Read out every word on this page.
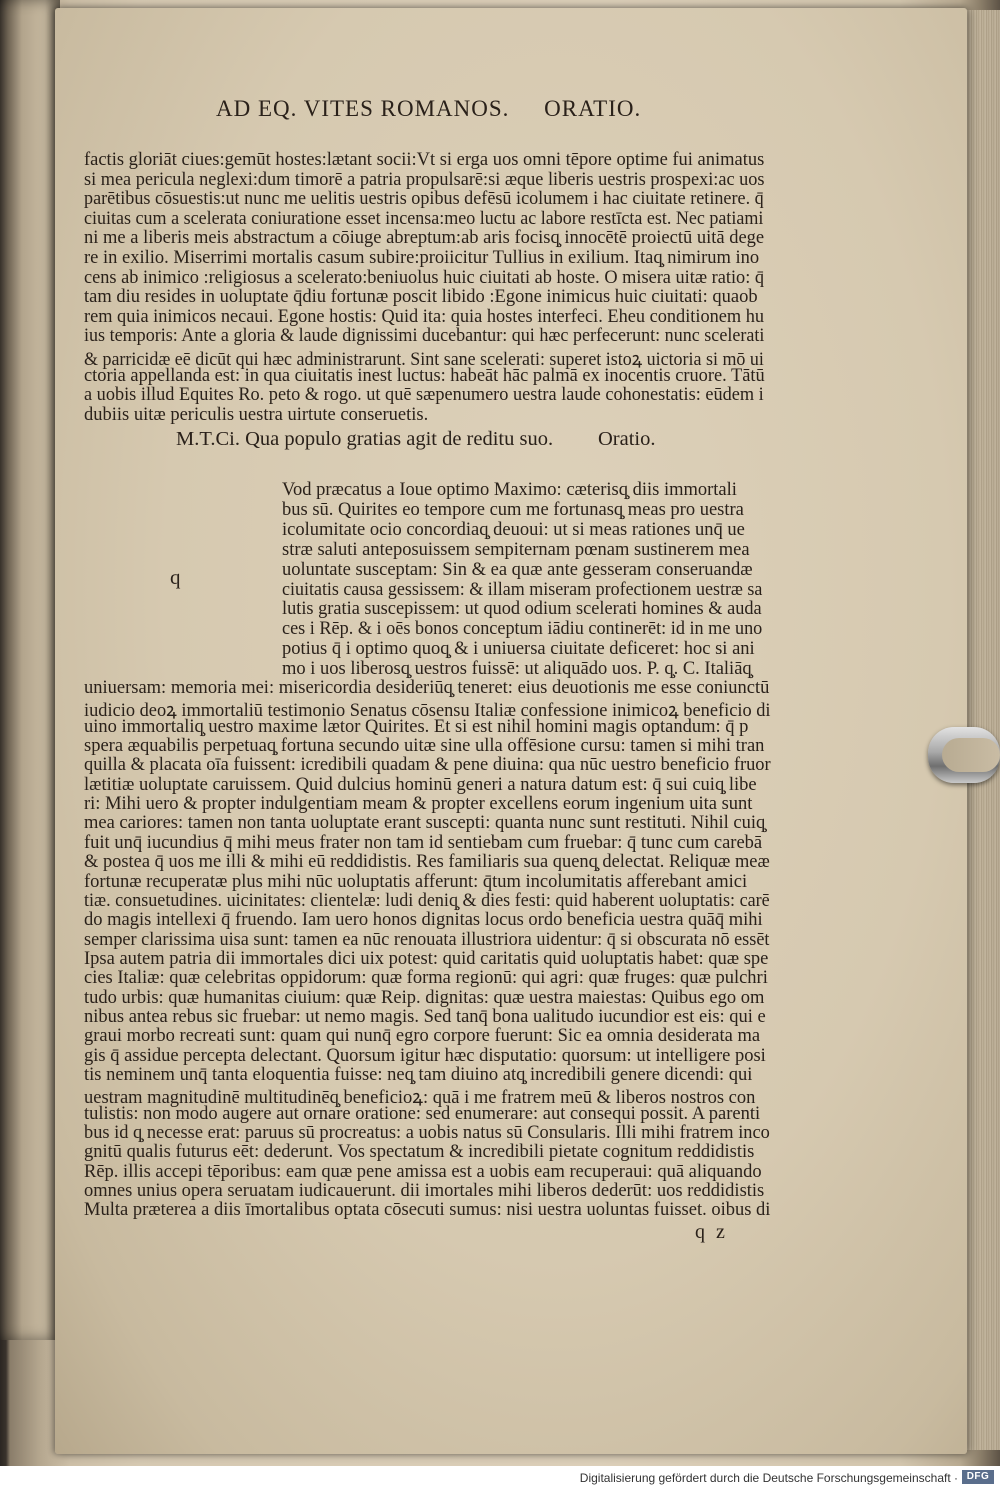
AD EQ. VITES ROMANOS. ORATIO.
factis gloriāt ciues:gemūt hostes:lætant socii:Vt si erga uos omni tēpore optime fui animatus
si mea pericula neglexi:dum timorē a patria propulsarē:si æque liberis uestris prospexi:ac uos
parētibus cōsuestis:ut nunc me uelitis uestris opibus defēsū icolumem i hac ciuitate retinere. q̄
ciuitas cum a scelerata coniuratione esset incensa:meo luctu ac labore restīcta est. Nec patiami
ni me a liberis meis abstractum a cōiuge abreptum:ab aris focisq̧ innocētē proiectū uitā dege
re in exilio. Miserrimi mortalis casum subire:proiicitur Tullius in exilium. Itaq̧ nimirum ino
cens ab inimico :religiosus a scelerato:beniuolus huic ciuitati ab hoste. O misera uitæ ratio: q̄
tam diu resides in uoluptate q̄diu fortunæ poscit libido :Egone inimicus huic ciuitati: quaob
rem quia inimicos necaui. Egone hostis: Quid ita: quia hostes interfeci. Eheu conditionem hu
ius temporis: Ante a gloria & laude dignissimi ducebantur: qui hæc perfecerunt: nunc scelerati
& parricidæ eē dicūt qui hæc administrarunt. Sint sane scelerati: superet istoꝝ uictoria si mō ui
ctoria appellanda est: in qua ciuitatis inest luctus: habeāt hāc palmā ex inocentis cruore. Tātū
a uobis illud Equites Ro. peto & rogo. ut quē sæpenumero uestra laude cohonestatis: eūdem i
dubiis uitæ periculis uestra uirtute conseruetis.
M.T.Ci. Qua populo gratias agit de reditu suo. Oratio.
q
Vod præcatus a Ioue optimo Maximo: cæterisq̧ diis immortali
bus sū. Quirites eo tempore cum me fortunasq̧ meas pro uestra
icolumitate ocio concordiaq̧ deuoui: ut si meas rationes unq̄ ue
stræ saluti anteposuissem sempiternam pœnam sustinerem mea
uoluntate susceptam: Sin & ea quæ ante gesseram conseruandæ
ciuitatis causa gessissem: & illam miseram profectionem uestræ sa
lutis gratia suscepissem: ut quod odium scelerati homines & auda
ces i Rēp. & i oēs bonos conceptum iādiu continerēt: id in me uno
potius q̄ i optimo quoq̧ & i uniuersa ciuitate deficeret: hoc si ani
mo i uos liberosq̧ uestros fuissē: ut aliquādo uos. P. q̧. C. Italiāq̧
uniuersam: memoria mei: misericordia desideriūq̧ teneret: eius deuotionis me esse coniunctū
iudicio deoꝝ immortaliū testimonio Senatus cōsensu Italiæ confessione inimicoꝝ beneficio di
uino immortaliq̧ uestro maxime lætor Quirites. Et si est nihil homini magis optandum: q̄ p
spera æquabilis perpetuaq̧ fortuna secundo uitæ sine ulla offēsione cursu: tamen si mihi tran
quilla & placata oīa fuissent: icredibili quadam & pene diuina: qua nūc uestro beneficio fruor
lætitiæ uoluptate caruissem. Quid dulcius hominū generi a natura datum est: q̄ sui cuiq̧ libe
ri: Mihi uero & propter indulgentiam meam & propter excellens eorum ingenium uita sunt
mea cariores: tamen non tanta uoluptate erant suscepti: quanta nunc sunt restituti. Nihil cuiq̧
fuit unq̄ iucundius q̄ mihi meus frater non tam id sentiebam cum fruebar: q̄ tunc cum carebā
& postea q̄ uos me illi & mihi eū reddidistis. Res familiaris sua quenq̧ delectat. Reliquæ meæ
fortunæ recuperatæ plus mihi nūc uoluptatis afferunt: q̄tum incolumitatis afferebant amici
tiæ. consuetudines. uicinitates: clientelæ: ludi deniq̧ & dies festi: quid haberent uoluptatis: carē
do magis intellexi q̄ fruendo. Iam uero honos dignitas locus ordo beneficia uestra quāq̄ mihi
semper clarissima uisa sunt: tamen ea nūc renouata illustriora uidentur: q̄ si obscurata nō essēt
Ipsa autem patria dii immortales dici uix potest: quid caritatis quid uoluptatis habet: quæ spe
cies Italiæ: quæ celebritas oppidorum: quæ forma regionū: qui agri: quæ fruges: quæ pulchri
tudo urbis: quæ humanitas ciuium: quæ Reip. dignitas: quæ uestra maiestas: Quibus ego om
nibus antea rebus sic fruebar: ut nemo magis. Sed tanq̄ bona ualitudo iucundior est eis: qui e
graui morbo recreati sunt: quam qui nunq̄ egro corpore fuerunt: Sic ea omnia desiderata ma
gis q̄ assidue percepta delectant. Quorsum igitur hæc disputatio: quorsum: ut intelligere posi
tis neminem unq̄ tanta eloquentia fuisse: neq̧ tam diuino atq̧ incredibili genere dicendi: qui
uestram magnitudinē multitudinēq̧ beneficioꝝ: quā i me fratrem meū & liberos nostros con
tulistis: non modo augere aut ornare oratione: sed enumerare: aut consequi possit. A parenti
bus id q̧ necesse erat: paruus sū procreatus: a uobis natus sū Consularis. Illi mihi fratrem inco
gnitū qualis futurus eēt: dederunt. Vos spectatum & incredibili pietate cognitum reddidistis
Rēp. illis accepi tēporibus: eam quæ pene amissa est a uobis eam recuperaui: quā aliquando
omnes unius opera seruatam iudicauerunt. dii imortales mihi liberos dederūt: uos reddidistis
Multa præterea a diis īmortalibus optata cōsecuti sumus: nisi uestra uoluntas fuisset. oibus di
q z
Digitalisierung gefördert durch die Deutsche Forschungsgemeinschaft · DFG
